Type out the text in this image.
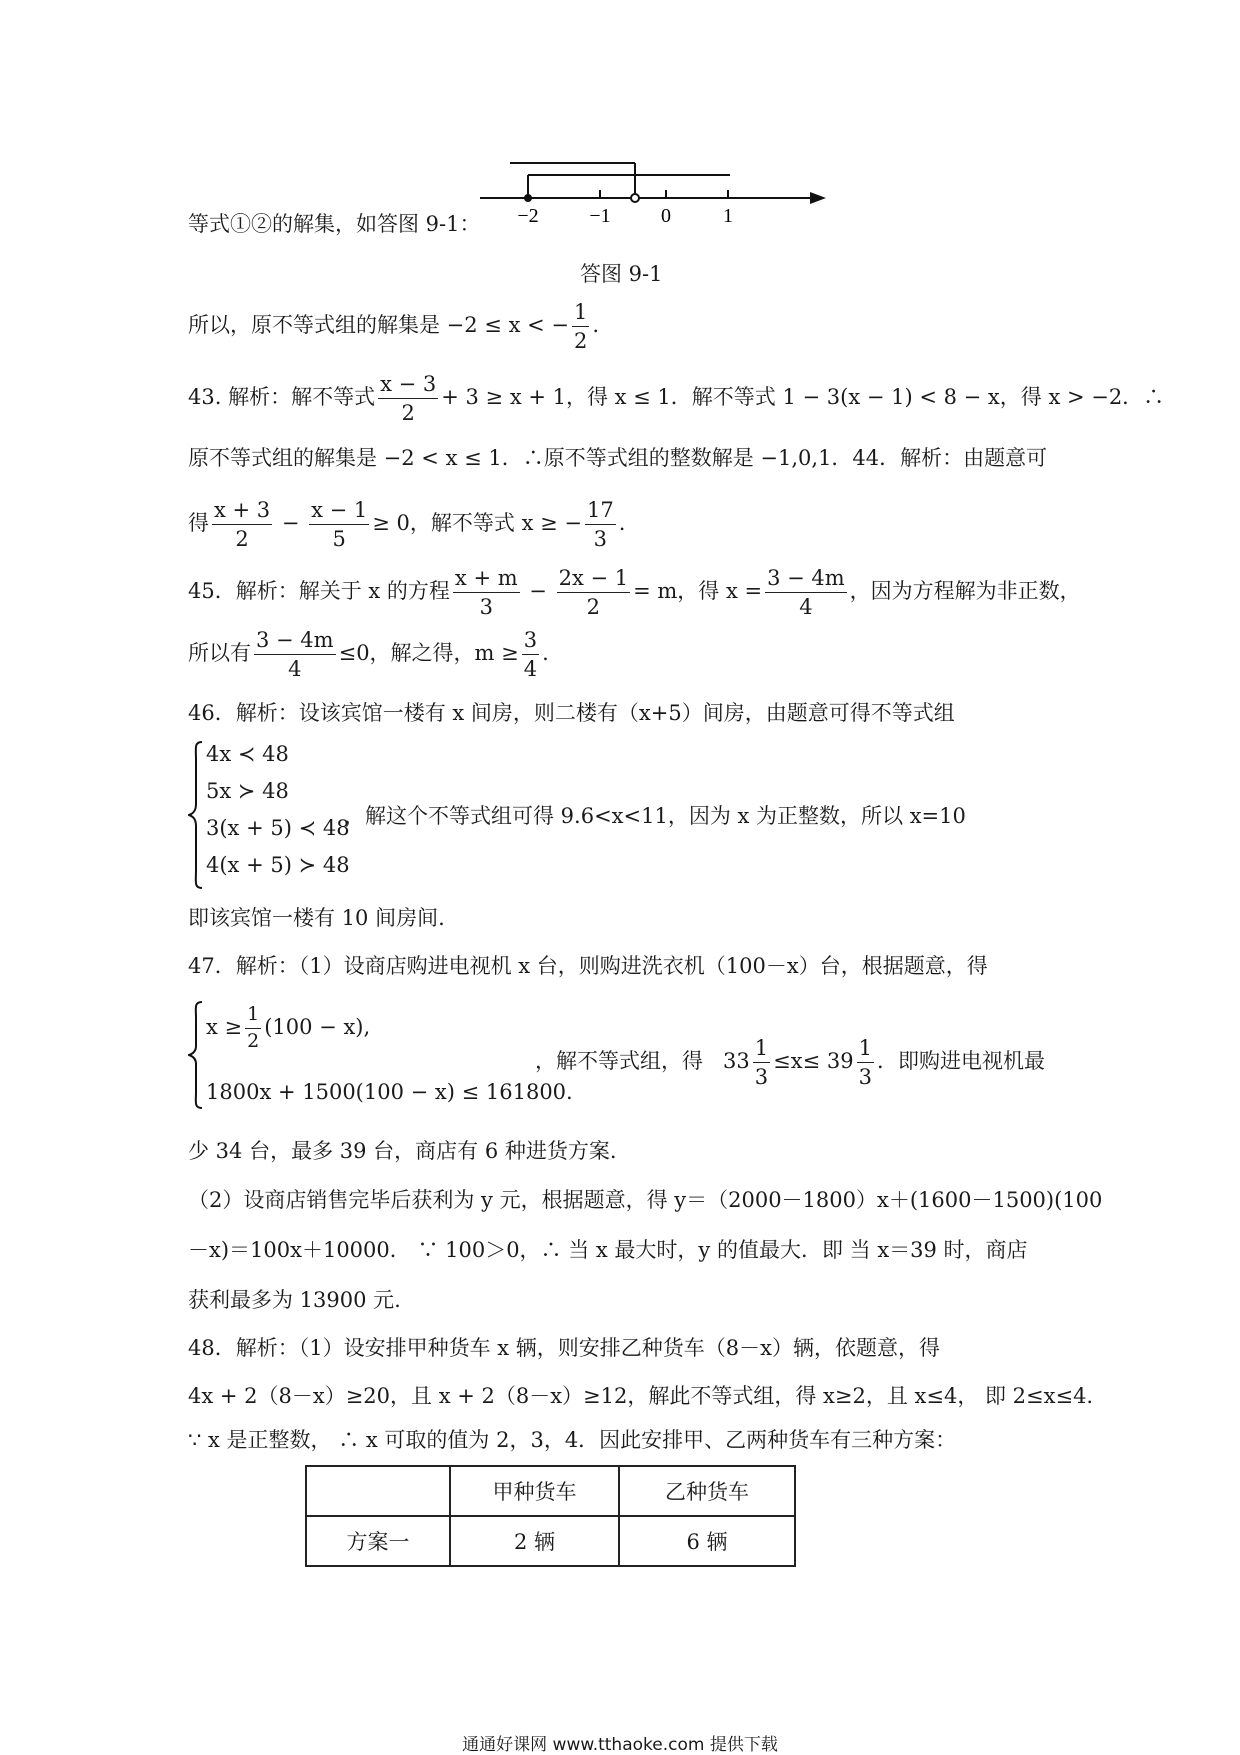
等式①②的解集，如答图 9-1： −2	−1	0	1
答图 9-1
所以，原不等式组的解集是 −2 ≤ x < − $\frac{1}{2}$ .
43. 解析：解不等式 $\frac{x - 3}{2} + 3 \ge x + 1$，得 x ≤ 1．解不等式 1 − 3(x − 1) < 8 − x，得 x > −2．∴
原不等式组的解集是 −2 < x ≤ 1．∴原不等式组的整数解是 −1,0,1．44．解析：由题意可
得 $\frac{x + 3}{2} - \frac{x - 1}{5} \ge 0$，解不等式 x ≥ − $\frac{17}{3}$ .
45．解析：解关于 x 的方程 $\frac{x + m}{3} - \frac{2x - 1}{2} = m$，得 $x = \frac{3 - 4m}{4}$ ，因为方程解为非正数，
所以有 $\frac{3 - 4m}{4} \le 0$，解之得，$m \ge \frac{3}{4}$ .
46．解析：设该宾馆一楼有 x 间房，则二楼有（x+5）间房，由题意可得不等式组
4x ≺ 48
5x ≻ 48
3(x + 5) ≺ 48
4(x + 5) ≻ 48
，解这个不等式组可得 9.6<x<11，因为 x 为正整数，所以 x=10
即该宾馆一楼有 10 间房间.
47．解析：（1）设商店购进电视机 x 台，则购进洗衣机（100－x）台，根据题意，得
$x \ge \frac{1}{2} (100 - x)$,
1800x + 1500(100 − x) ≤ 161800.
，解不等式组，得 $33 \frac{1}{3} \le x\le 39 \frac{1}{3}$ ．即购进电视机最
少 34 台，最多 39 台，商店有 6 种进货方案.
（2）设商店销售完毕后获利为 y 元，根据题意，得 y＝（2000－1800）x＋(1600－1500)(100
－x)＝100x＋10000． ∵ 100＞0，∴ 当 x 最大时，y 的值最大．即 当 x＝39 时，商店
获利最多为 13900 元.
48．解析：（1）设安排甲种货车 x 辆，则安排乙种货车（8－x）辆，依题意，得
4x + 2（8－x）≥20，且 x + 2（8－x）≥12，解此不等式组，得 x≥2，且 x≤4， 即 2≤x≤4.
∵ x 是正整数， ∴ x 可取的值为 2，3，4．因此安排甲、乙两种货车有三种方案：
	甲种货车	乙种货车
方案一	2 辆	6 辆
通通好课网 www.tthaoke.com 提供下载
